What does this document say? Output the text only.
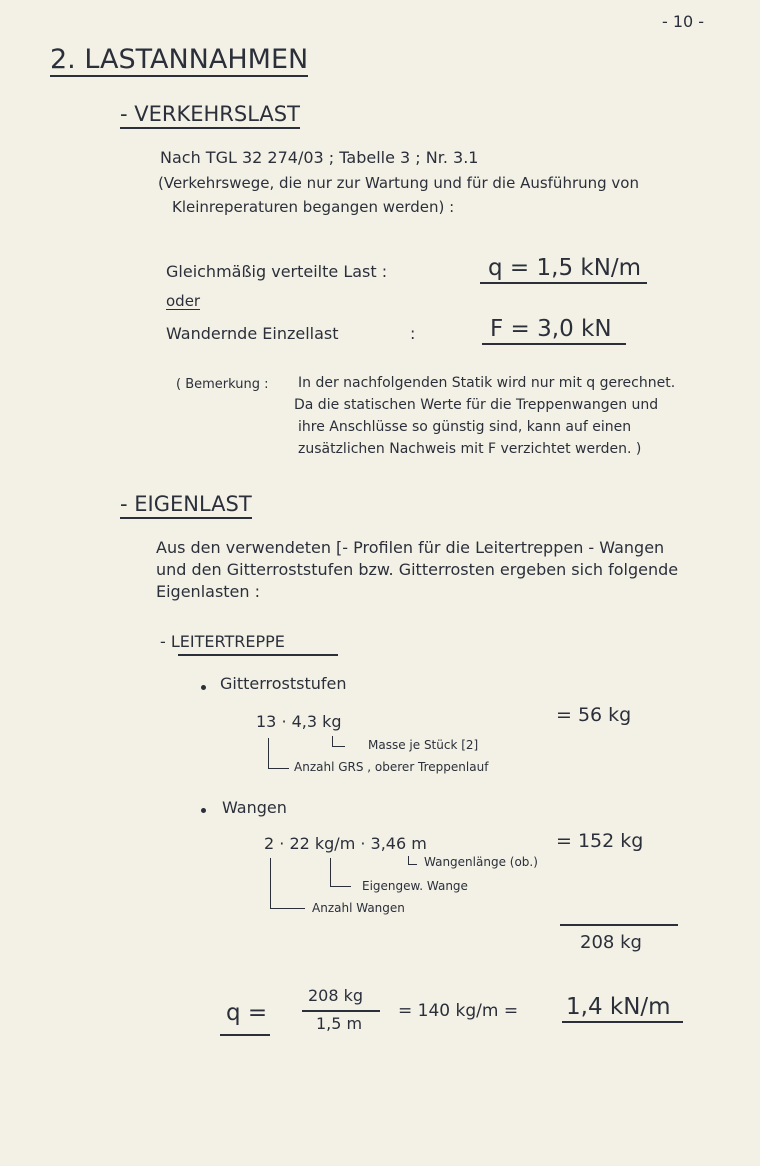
- 10 -
2. LASTANNAHMEN
- VERKEHRSLAST
Nach TGL 32 274/03 ; Tabelle 3 ; Nr. 3.1
(Verkehrswege, die nur zur Wartung und für die Ausführung von
Kleinreperaturen begangen werden) :
Gleichmäßig verteilte Last :	q = 1,5 kN/m
oder
Wandernde Einzellast	:	F = 3,0 kN
( Bemerkung : In der nachfolgenden Statik wird nur mit q gerechnet.
Da die statischen Werte für die Treppenwangen und
ihre Anschlüsse so günstig sind, kann auf einen
zusätzlichen Nachweis mit F verzichtet werden. )
- EIGENLAST
Aus den verwendeten [- Profilen für die Leitertreppen - Wangen
und den Gitterroststufen bzw. Gitterrosten ergeben sich folgende
Eigenlasten :
- LEITERTREPPE
Gitterroststufen
13 · 4,3 kg	= 56 kg
Masse je Stück [2]
Anzahl GRS , oberer Treppenlauf
Wangen
2 · 22 kg/m · 3,46 m	= 152 kg
Wangenlänge (ob.)
Eigengew. Wange
Anzahl Wangen
208 kg
q =
208 kg
1,5 m
= 140 kg/m = 1,4 kN/m
